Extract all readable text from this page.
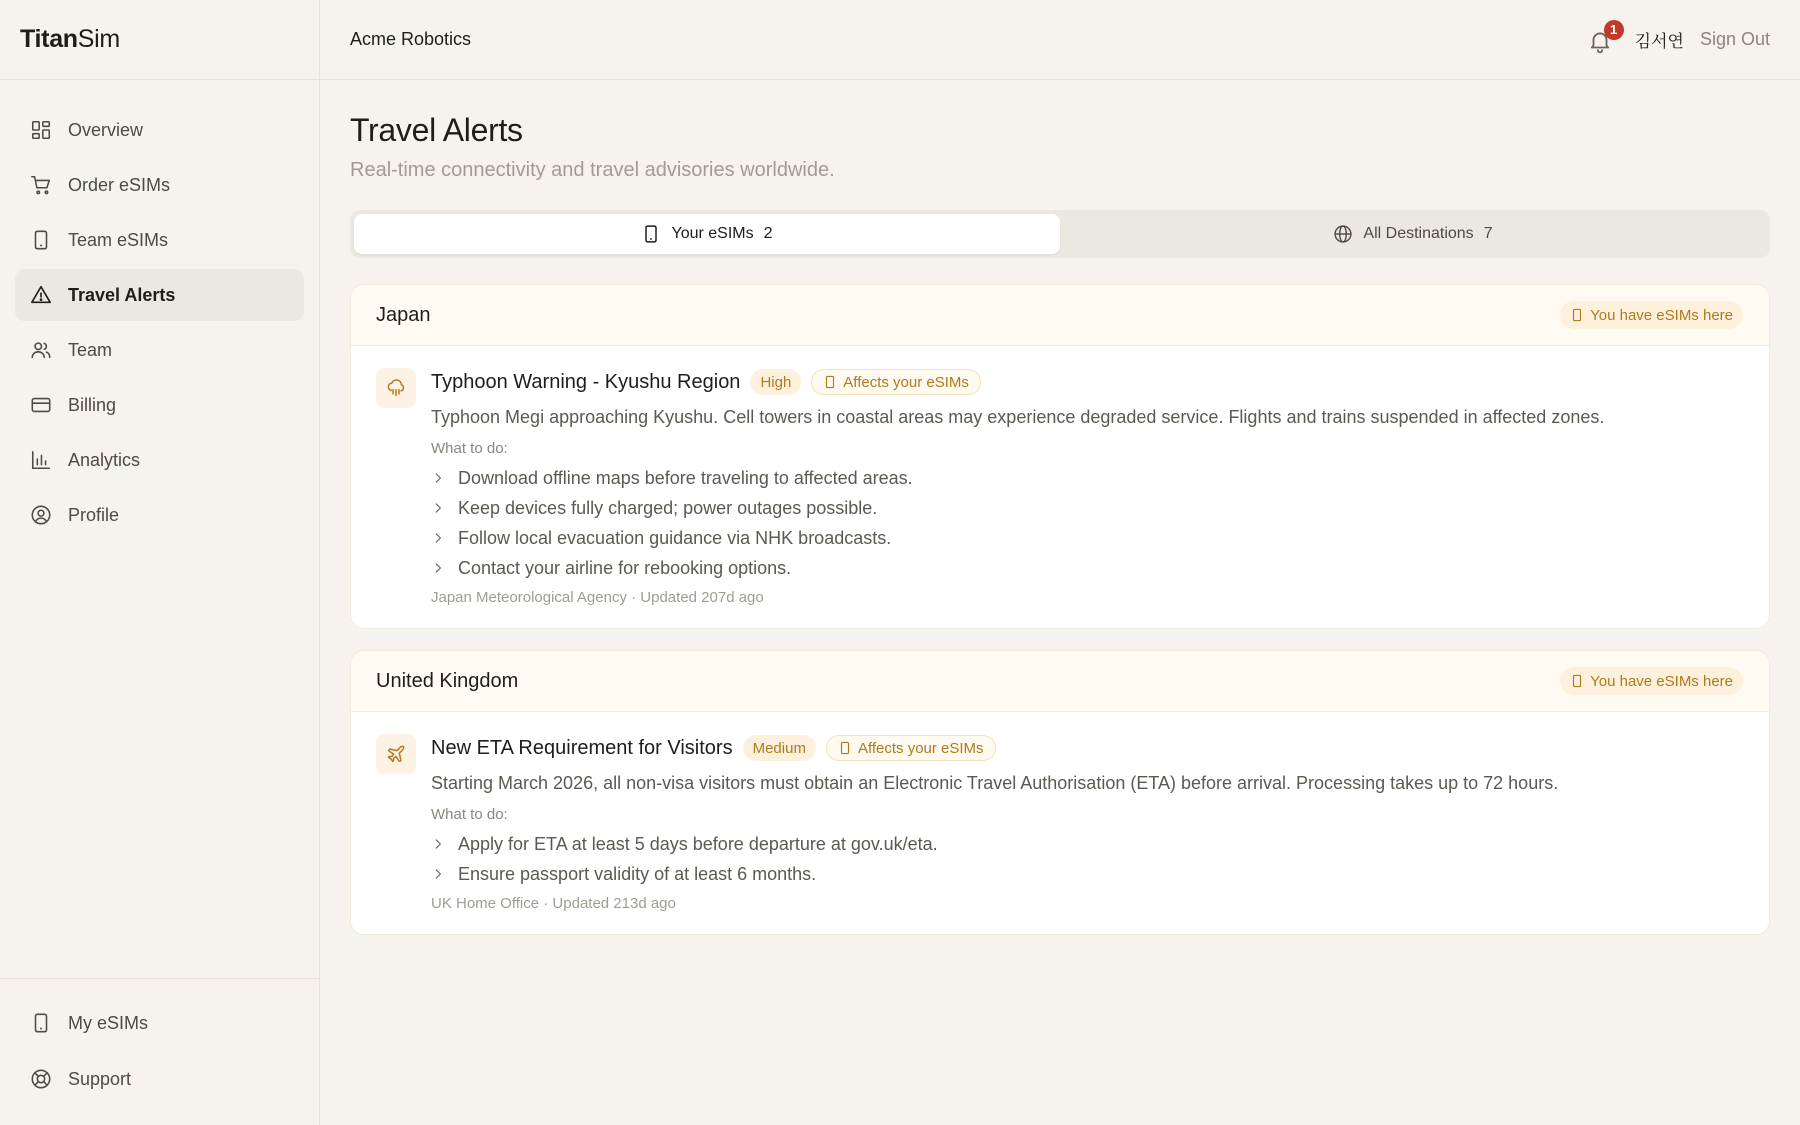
Titan Sim
Overview
Order eSIMs
Team eSIMs
Travel Alerts
Team
Billing
Analytics
Profile
My eSIMs
Support
Acme Robotics	1
김서연 Sign Out
Travel Alerts

Real-time connectivity and travel advisories worldwide.

Your eSIMs 2	All Destinations 7
Japan	You have eSIMs here
Typhoon Warning - Kyushu Region	High	Affects your eSIMs

Typhoon Megi approaching Kyushu. Cell towers in coastal areas may experience degraded service. Flights and trains suspended in affected zones.

What to do:

Download offline maps before traveling to affected areas.
Keep devices fully charged; power outages possible.
Follow local evacuation guidance via NHK broadcasts.
Contact your airline for rebooking options.

Japan Meteorological Agency · Updated 207d ago

United Kingdom	You have eSIMs here
New ETA Requirement for Visitors	Medium	Affects your eSIMs

Starting March 2026, all non-visa visitors must obtain an Electronic Travel Authorisation (ETA) before arrival. Processing takes up to 72 hours.

What to do:

Apply for ETA at least 5 days before departure at gov.uk/eta.
Ensure passport validity of at least 6 months.

UK Home Office · Updated 213d ago
